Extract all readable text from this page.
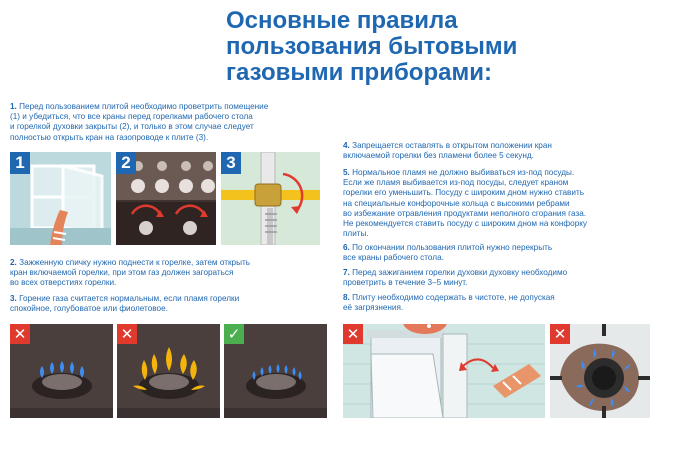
Основные правила
пользования бытовыми
газовыми приборами:
1. Перед пользованием плитой необходимо проветрить помещение
(1) и убедиться, что все краны перед горелками рабочего стола
и горелкой духовки закрыты (2), и только в этом случае следует
полностью открыть кран на газопроводе к плите (3).
1	2	3
2. Зажженную спичку нужно поднести к горелке, затем открыть
кран включаемой горелки, при этом газ должен загораться
во всех отверстиях горелки.
3. Горение газа считается нормальным, если пламя горелки
спокойное, голубоватое или фиолетовое.
✕	✕	✓
4. Запрещается оставлять в открытом положении кран
включаемой горелки без пламени более 5 секунд.
5. Нормальное пламя не должно выбиваться из-под посуды.
Если же пламя выбивается из-под посуды, следует краном
горелки его уменьшить. Посуду с широким дном нужно ставить
на специальные конфорочные кольца с высокими ребрами
во избежание отравления продуктами неполного сгорания газа.
Не рекомендуется ставить посуду с широким дном на конфорку
плиты.
6. По окончании пользования плитой нужно перекрыть
все краны рабочего стола.
7. Перед зажиганием горелки духовки духовку необходимо
проветрить в течение 3–5 минут.
8. Плиту необходимо содержать в чистоте, не допуская
её загрязнения.
✕	✕
